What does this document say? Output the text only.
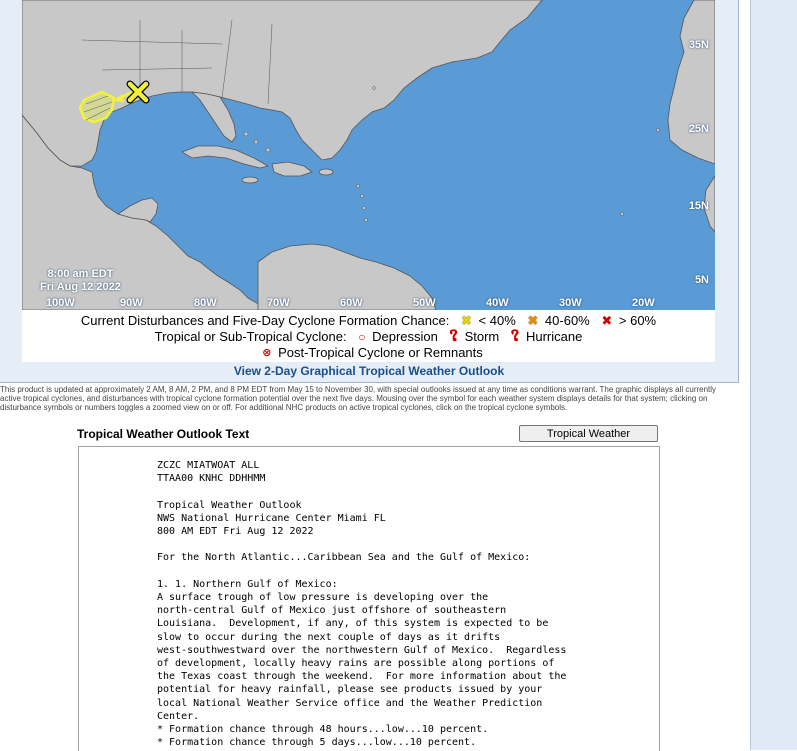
35N
25N
15N
5N
8:00 am EDT
Fri Aug 12 2022
100W	90W	80W	70W	60W	50W	40W	30W	20W
Current Disturbances and Five-Day Cyclone Formation Chance: ✖ < 40% ✖ 40-60% ✖ > 60%
Tropical or Sub-Tropical Cyclone: ○ Depression ໃ Storm ໃ Hurricane
⊗ Post-Tropical Cyclone or Remnants
View 2-Day Graphical Tropical Weather Outlook
This product is updated at approximately 2 AM, 8 AM, 2 PM, and 8 PM EDT from May 15 to November 30, with special outlooks issued at any time as conditions warrant. The graphic displays all currently active tropical cyclones, and disturbances with tropical cyclone formation potential over the next five days. Mousing over the symbol for each weather system displays details for that system; clicking on disturbance symbols or numbers toggles a zoomed view on or off. For additional NHC products on active tropical cyclones, click on the tropical cyclone symbols.
Tropical Weather Outlook Text	Tropical Weather
ZCZC MIATWOAT ALL
TTAA00 KNHC DDHHMM

Tropical Weather Outlook
NWS National Hurricane Center Miami FL
800 AM EDT Fri Aug 12 2022

For the North Atlantic...Caribbean Sea and the Gulf of Mexico:

1. 1. Northern Gulf of Mexico:
A surface trough of low pressure is developing over the
north-central Gulf of Mexico just offshore of southeastern
Louisiana.  Development, if any, of this system is expected to be
slow to occur during the next couple of days as it drifts
west-southwestward over the northwestern Gulf of Mexico.  Regardless
of development, locally heavy rains are possible along portions of
the Texas coast through the weekend.  For more information about the
potential for heavy rainfall, please see products issued by your
local National Weather Service office and the Weather Prediction
Center.
* Formation chance through 48 hours...low...10 percent.
* Formation chance through 5 days...low...10 percent.
